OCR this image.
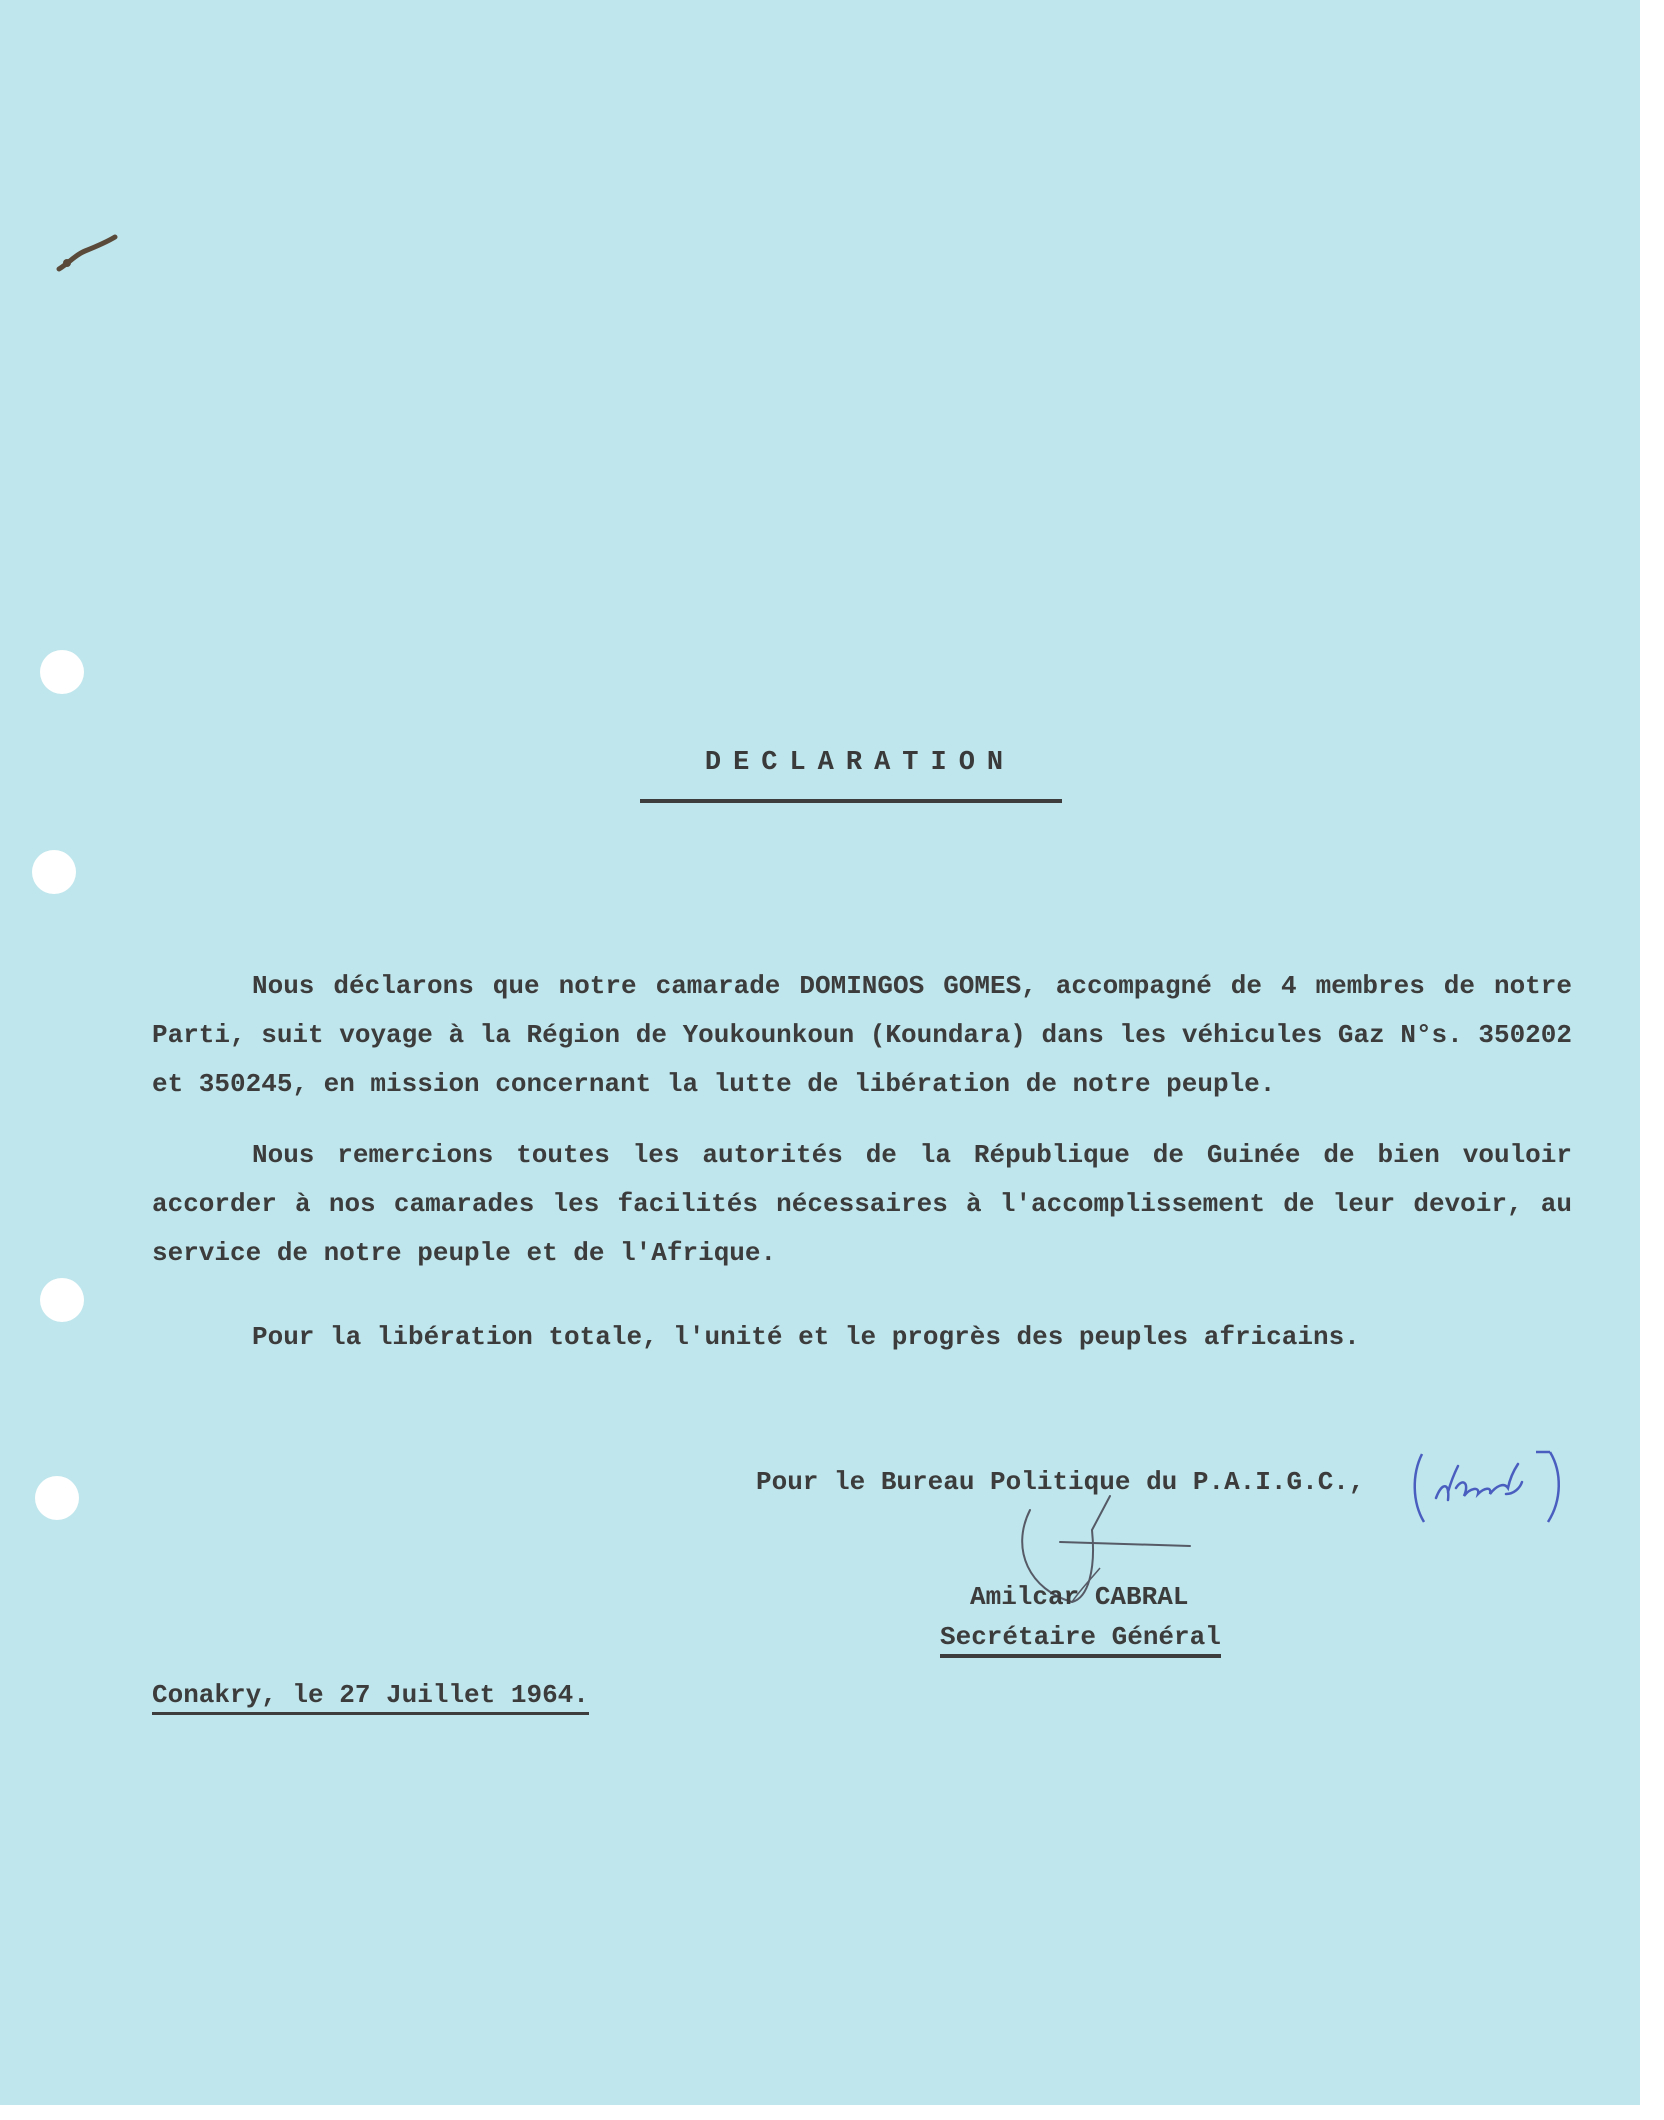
DECLARATION

Nous déclarons que notre camarade DOMINGOS GOMES, accompagné de 4 membres de notre Parti, suit voyage à la Région de Youkounkoun (Koundara) dans les véhicules Gaz N°s. 350202 et 350245, en mission concernant la lutte de libération de notre peuple.

Nous remercions toutes les autorités de la République de Guinée de bien vouloir accorder à nos camarades les facilités nécessaires à l'accomplissement de leur devoir, au service de notre peuple et de l'Afrique.

Pour la libération totale, l'unité et le progrès des peuples africains.
Pour le Bureau Politique du P.A.I.G.C.,
Amilcar CABRAL
Secrétaire Général
Conakry, le 27 Juillet 1964.
